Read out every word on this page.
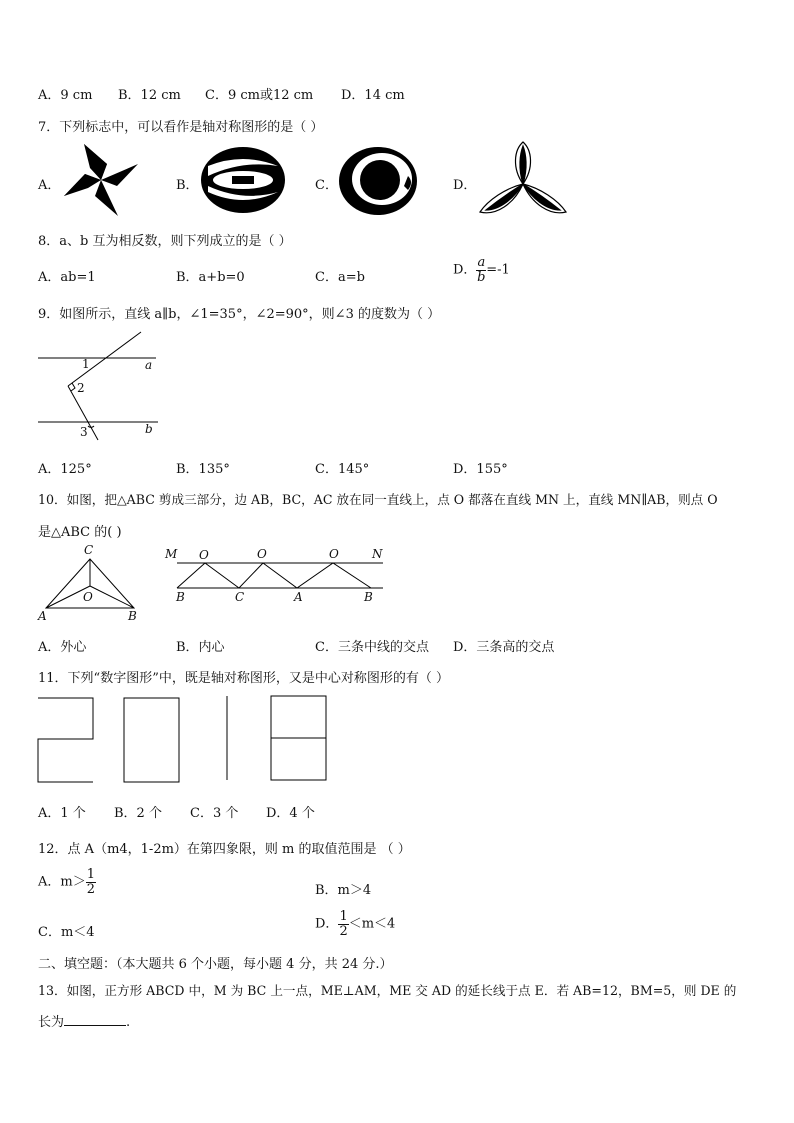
A．9 cm B．12 cm C．9 cm或12 cm D．14 cm
7．下列标志中，可以看作是轴对称图形的是（ ）
A．	B．	C．	D．
8．a、b 互为相反数，则下列成立的是（ ）
A．ab=1	B．a+b=0	C．a=b	D． $\frac{a}{b} =-1$
9．如图所示，直线 a∥b，∠1=35°，∠2=90°，则∠3 的度数为（ ）
1
2
3
a
b
A．125°	B．135°	C．145°	D．155°
10．如图，把△ABC 剪成三部分，边 AB，BC，AC 放在同一直线上，点 O 都落在直线 MN 上，直线 MN∥AB，则点 O
是△ABC 的( )
C
O
A	B
M O	O	O	N
B	C	A	B
A．外心	B．内心	C．三条中线的交点 D．三条高的交点
11．下列“数字图形”中，既是轴对称图形，又是中心对称图形的有（ ）
A．1 个 B．2 个 C．3 个 D．4 个
12．点 A（m4，1-2m）在第四象限，则 m 的取值范围是 （ ）
A．$m> \frac{1}{2}$	B．m＞4
C．m＜4
D． $\frac{1}{2} <m<4$
二、填空题：（本大题共 6 个小题，每小题 4 分，共 24 分.）
13．如图，正方形 ABCD 中，M 为 BC 上一点，ME⊥AM，ME 交 AD 的延长线于点 E．若 AB=12，BM=5，则 DE 的
长为	.
